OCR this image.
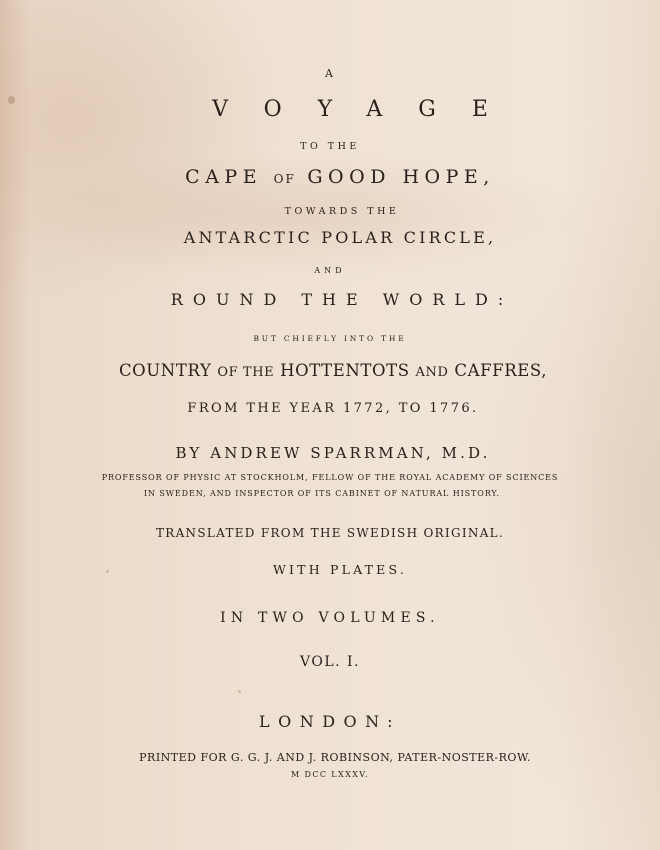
A
VOYAGE
TO THE
CAPE OF GOOD HOPE,
TOWARDS THE
ANTARCTIC POLAR CIRCLE,
AND
ROUND THE WORLD:
BUT CHIEFLY INTO THE
COUNTRY OF THE HOTTENTOTS AND CAFFRES,
FROM THE YEAR 1772, TO 1776.
BY ANDREW SPARRMAN, M.D.
PROFESSOR OF PHYSIC AT STOCKHOLM, FELLOW OF THE ROYAL ACADEMY OF SCIENCES
IN SWEDEN, AND INSPECTOR OF ITS CABINET OF NATURAL HISTORY.
TRANSLATED FROM THE SWEDISH ORIGINAL.
WITH PLATES.
IN TWO VOLUMES.
VOL. I.
LONDON:
PRINTED FOR G. G. J. AND J. ROBINSON, PATER-NOSTER-ROW.
M DCC LXXXV.
